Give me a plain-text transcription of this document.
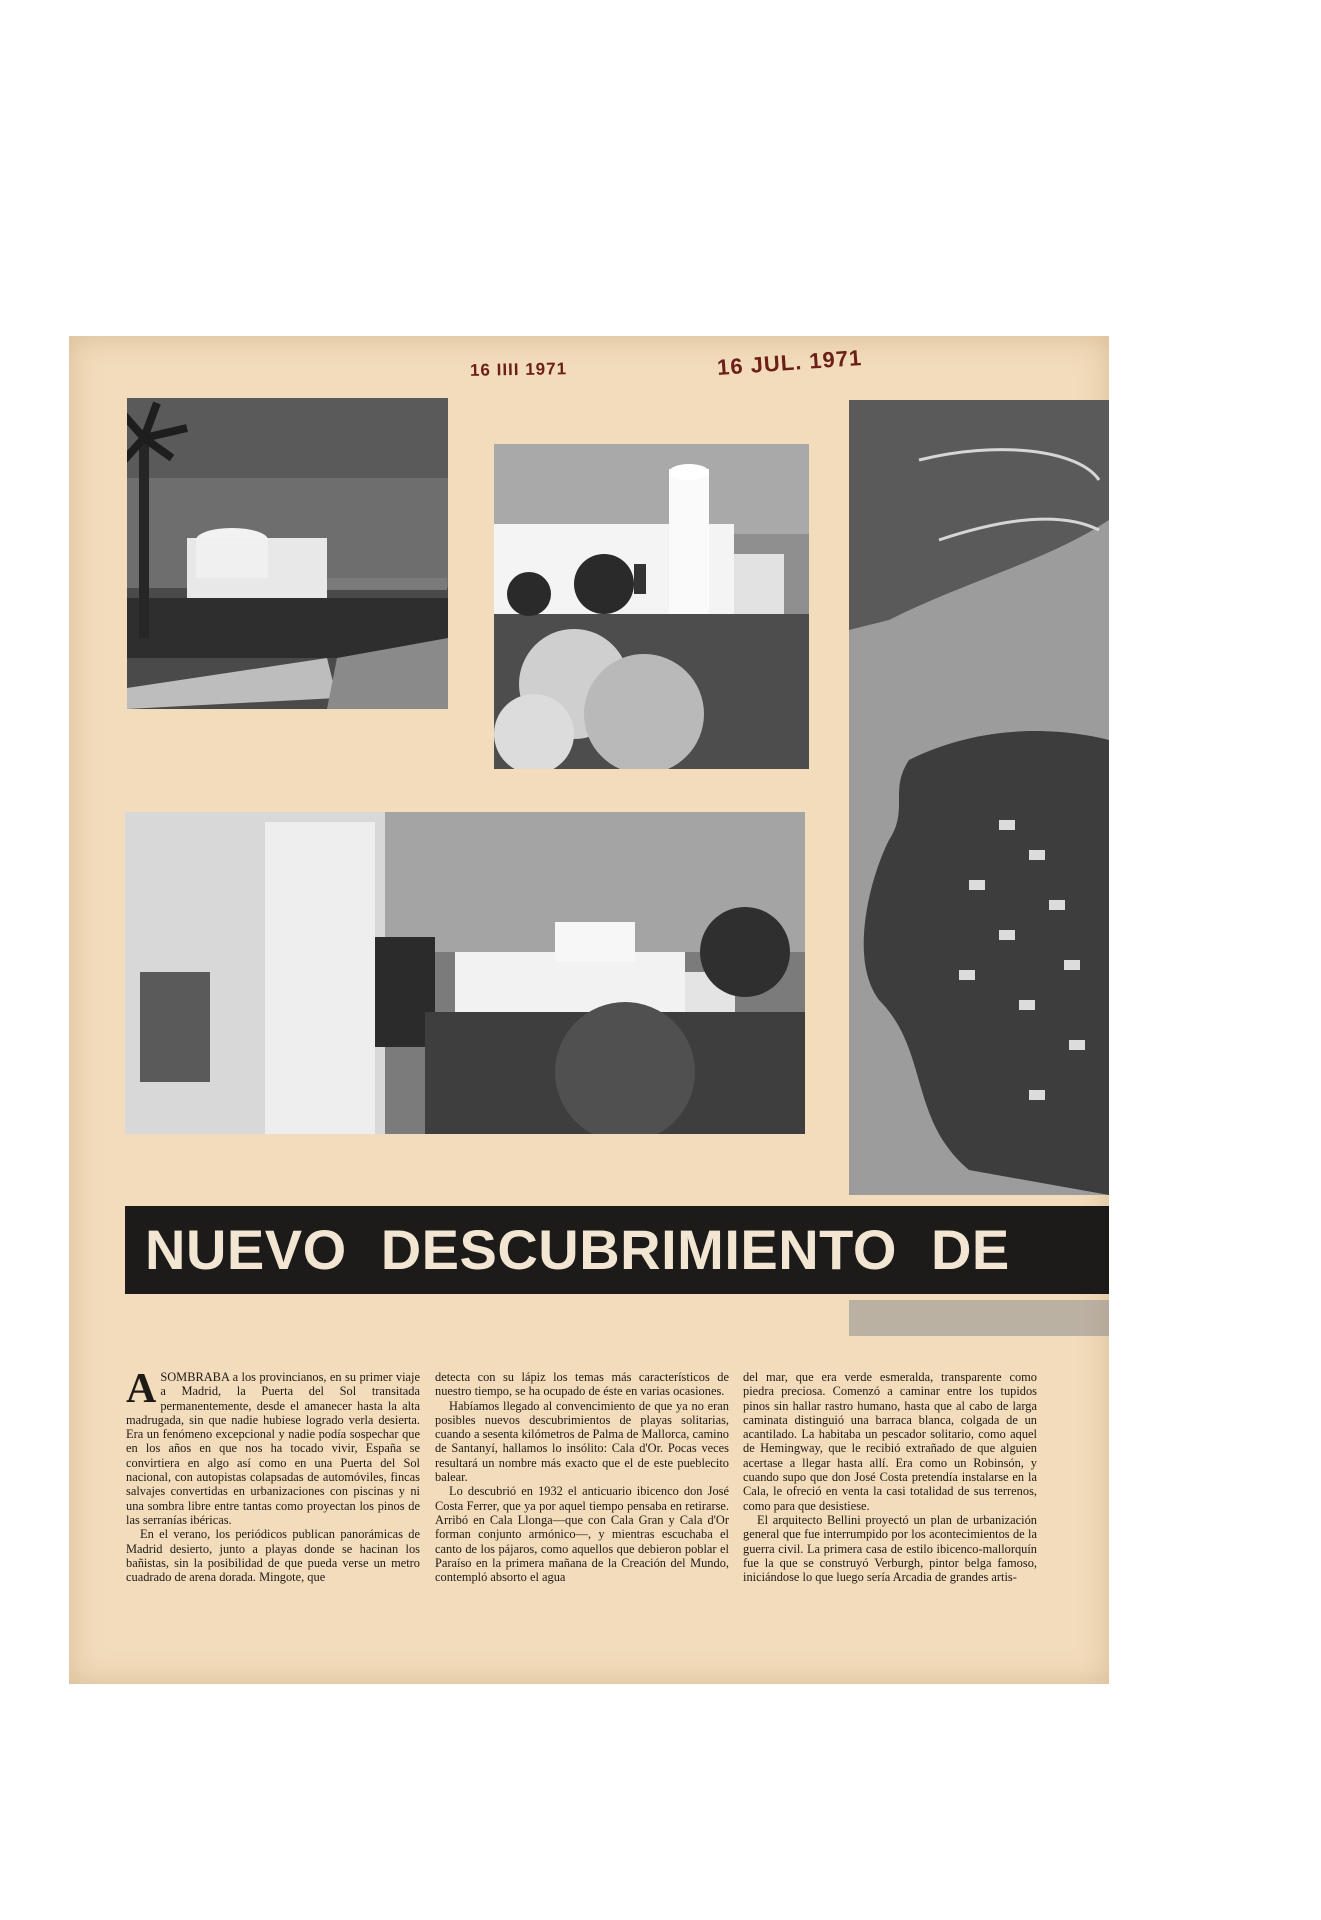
16 IIII 1971	16 JUL. 1971
NUEVO DESCUBRIMIENTO DE

ASOMBRABA a los provincianos, en su primer viaje a Madrid, la Puerta del Sol transitada permanentemente, desde el amanecer hasta la alta madrugada, sin que nadie hubiese logrado verla desierta. Era un fenómeno excepcional y nadie podía sospechar que en los años en que nos ha tocado vivir, España se convirtiera en algo así como en una Puerta del Sol nacional, con autopistas colapsadas de automóviles, fincas salvajes convertidas en urbanizaciones con piscinas y ni una sombra libre entre tantas como proyectan los pinos de las serranías ibéricas.

En el verano, los periódicos publican panorámicas de Madrid desierto, junto a playas donde se hacinan los bañistas, sin la posibilidad de que pueda verse un metro cuadrado de arena dorada. Mingote, que

detecta con su lápiz los temas más característicos de nuestro tiempo, se ha ocupado de éste en varias ocasiones.

Habíamos llegado al convencimiento de que ya no eran posibles nuevos descubrimientos de playas solitarias, cuando a sesenta kilómetros de Palma de Mallorca, camino de Santanyí, hallamos lo insólito: Cala d'Or. Pocas veces resultará un nombre más exacto que el de este pueblecito balear.

Lo descubrió en 1932 el anticuario ibicenco don José Costa Ferrer, que ya por aquel tiempo pensaba en retirarse. Arribó en Cala Llonga—que con Cala Gran y Cala d'Or forman conjunto armónico—, y mientras escuchaba el canto de los pájaros, como aquellos que debieron poblar el Paraíso en la primera mañana de la Creación del Mundo, contempló absorto el agua

del mar, que era verde esmeralda, transparente como piedra preciosa. Comenzó a caminar entre los tupidos pinos sin hallar rastro humano, hasta que al cabo de larga caminata distinguió una barraca blanca, colgada de un acantilado. La habitaba un pescador solitario, como aquel de Hemingway, que le recibió extrañado de que alguien acertase a llegar hasta allí. Era como un Robinsón, y cuando supo que don José Costa pretendía instalarse en la Cala, le ofreció en venta la casi totalidad de sus terrenos, como para que desistiese.

El arquitecto Bellini proyectó un plan de urbanización general que fue interrumpido por los acontecimientos de la guerra civil. La primera casa de estilo ibicenco-mallorquín fue la que se construyó Verburgh, pintor belga famoso, iniciándose lo que luego sería Arcadia de grandes artis-
